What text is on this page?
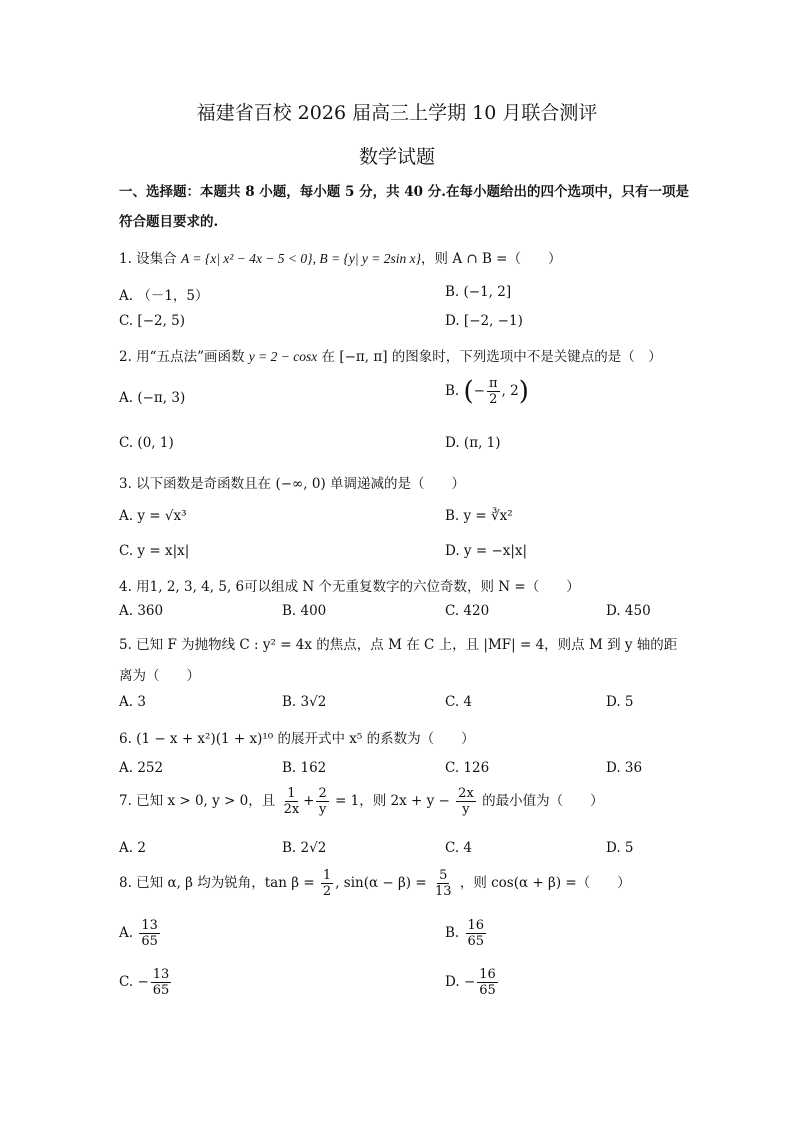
福建省百校 2026 届高三上学期 10 月联合测评
数学试题
一、选择题：本题共 8 小题，每小题 5 分，共 40 分.在每小题给出的四个选项中，只有一项是符合题目要求的.
1. 设集合 A = {x| x² − 4x − 5 < 0}, B = {y| y = 2sin x}，则 A ∩ B =（　　）
A. （－1，5）	B. (−1, 2]
C. [−2, 5)	D. [−2, −1)
2. 用“五点法”画函数 y = 2 − cosx 在 [−π, π] 的图象时，下列选项中不是关键点的是（　）
A. (−π, 3)	B. (− $\frac{\pi}{2}$ , 2)
C. (0, 1)	D. (π, 1)
3. 以下函数是奇函数且在 (−∞, 0) 单调递减的是（　　）
A. y = √x³	B. y = ∛x²
C. y = x|x|	D. y = −x|x|
4. 用1, 2, 3, 4, 5, 6可以组成 N 个无重复数字的六位奇数，则 N =（　　）
A. 360	B. 400	C. 420	D. 450
5. 已知 F 为抛物线 C : y² = 4x 的焦点，点 M 在 C 上，且 |MF| = 4，则点 M 到 y 轴的距
离为（　　）
A. 3	B. 3√2	C. 4	D. 5
6. (1 − x + x²)(1 + x)¹⁰ 的展开式中 x⁵ 的系数为（　　）
A. 252	B. 162	C. 126	D. 36
7. 已知 x > 0, y > 0，且 $\frac{1}{2x} + \frac{2}{y} = 1$，则 $2x + y - \frac{2x}{y}$ 的最小值为（　　）
A. 2	B. 2√2	C. 4	D. 5
8. 已知 α, β 均为锐角，$\tan \beta = \frac{1}{2}$ , $\sin(\alpha - \beta) = \frac{5}{13}$ ，则 cos(α + β) =（　　）
A. $\frac{13}{65}$	B. $\frac{16}{65}$
C. − $\frac{13}{65}$	D. − $\frac{16}{65}$
